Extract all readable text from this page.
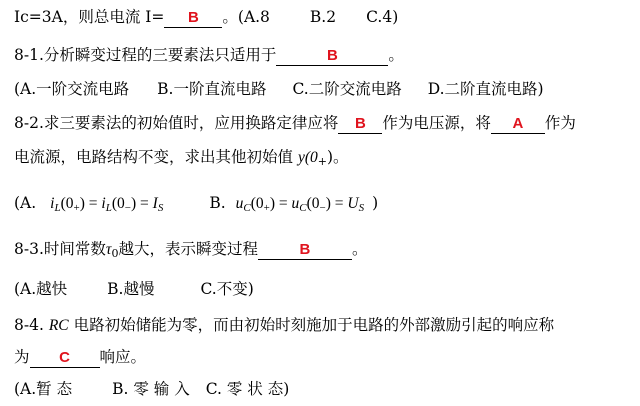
Ic=3A，则总电流 I= B 。(A.8	B.2 C.4)
8-1.分析瞬变过程的三要素法只适用于	B	。
(A.一阶交流电路 B.一阶直流电路 C.二阶交流电路 D.二阶直流电路)
8-2.求三要素法的初始值时，应用换路定律应将 B 作为电压源，将 A 作为
电流源，电路结构不变，求出其他初始值 $y(0_+)$。
(A. $i_L(0_+) = i_L(0_-) = I_S$	B. $u_C(0_+) = u_C(0_-) = U_S$ )
8-3.时间常数$\tau_0$越大，表示瞬变过程	B	。
(A.越快	B.越慢	C.不变)
8-4. RC 电路初始储能为零，而由初始时刻施加于电路的外部激励引起的响应称
为 C 响应。
(A.暂 态	B. 零 输 入 C. 零 状 态)
